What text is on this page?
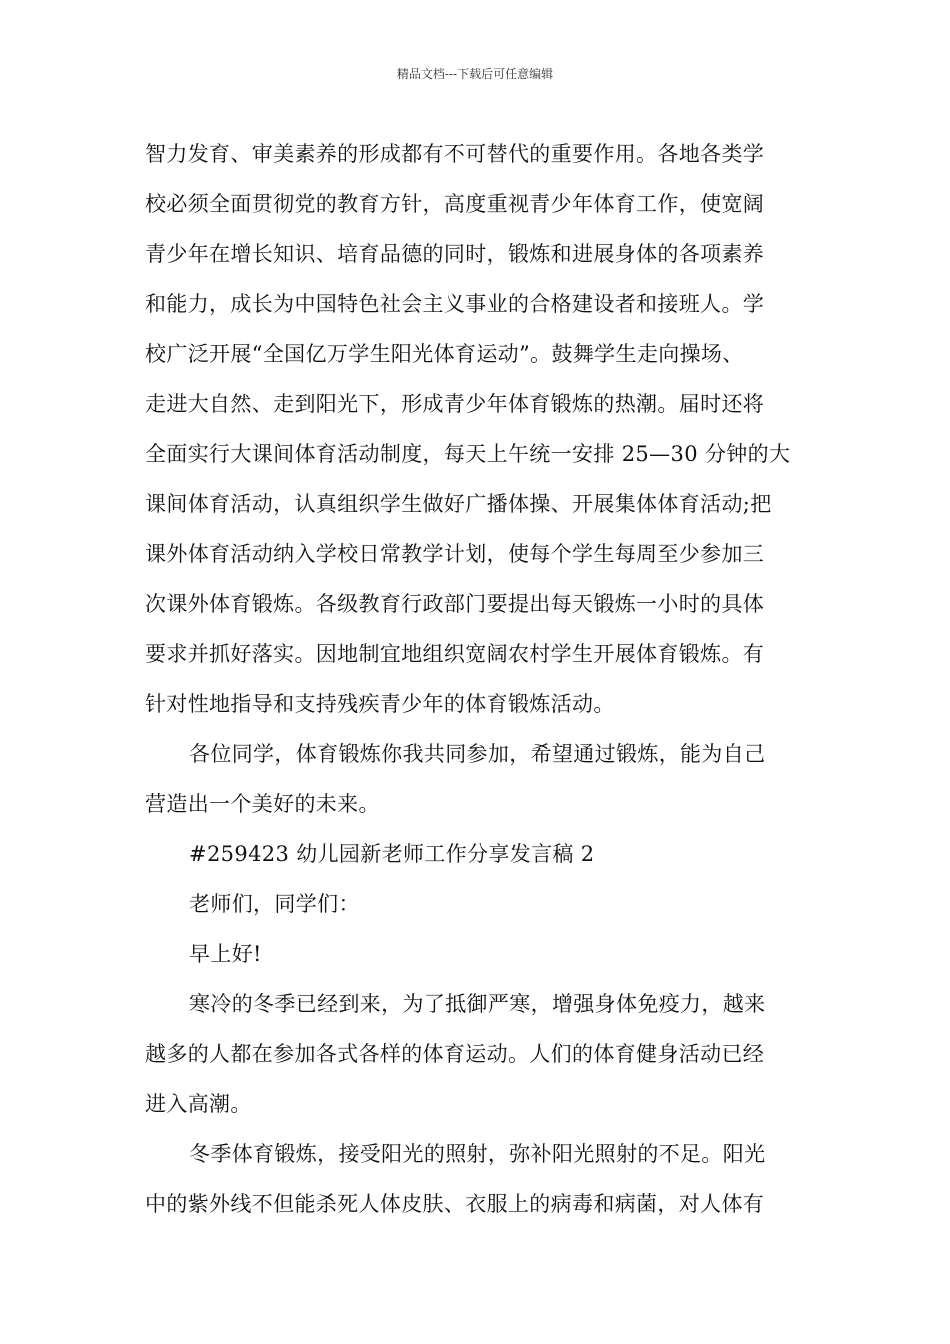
精品文档---下载后可任意编辑
智力发育、审美素养的形成都有不可替代的重要作用。各地各类学
校必须全面贯彻党的教育方针，高度重视青少年体育工作，使宽阔
青少年在增长知识、培育品德的同时，锻炼和进展身体的各项素养
和能力，成长为中国特色社会主义事业的合格建设者和接班人。学
校广泛开展“全国亿万学生阳光体育运动”。鼓舞学生走向操场、
走进大自然、走到阳光下，形成青少年体育锻炼的热潮。届时还将
全面实行大课间体育活动制度，每天上午统一安排 25—30 分钟的大
课间体育活动，认真组织学生做好广播体操、开展集体体育活动;把
课外体育活动纳入学校日常教学计划，使每个学生每周至少参加三
次课外体育锻炼。各级教育行政部门要提出每天锻炼一小时的具体
要求并抓好落实。因地制宜地组织宽阔农村学生开展体育锻炼。有
针对性地指导和支持残疾青少年的体育锻炼活动。
各位同学，体育锻炼你我共同参加，希望通过锻炼，能为自己
营造出一个美好的未来。
#259423 幼儿园新老师工作分享发言稿 2
老师们，同学们：
早上好!
寒冷的冬季已经到来，为了抵御严寒，增强身体免疫力，越来
越多的人都在参加各式各样的体育运动。人们的体育健身活动已经
进入高潮。
冬季体育锻炼，接受阳光的照射，弥补阳光照射的不足。阳光
中的紫外线不但能杀死人体皮肤、衣服上的病毒和病菌，对人体有
